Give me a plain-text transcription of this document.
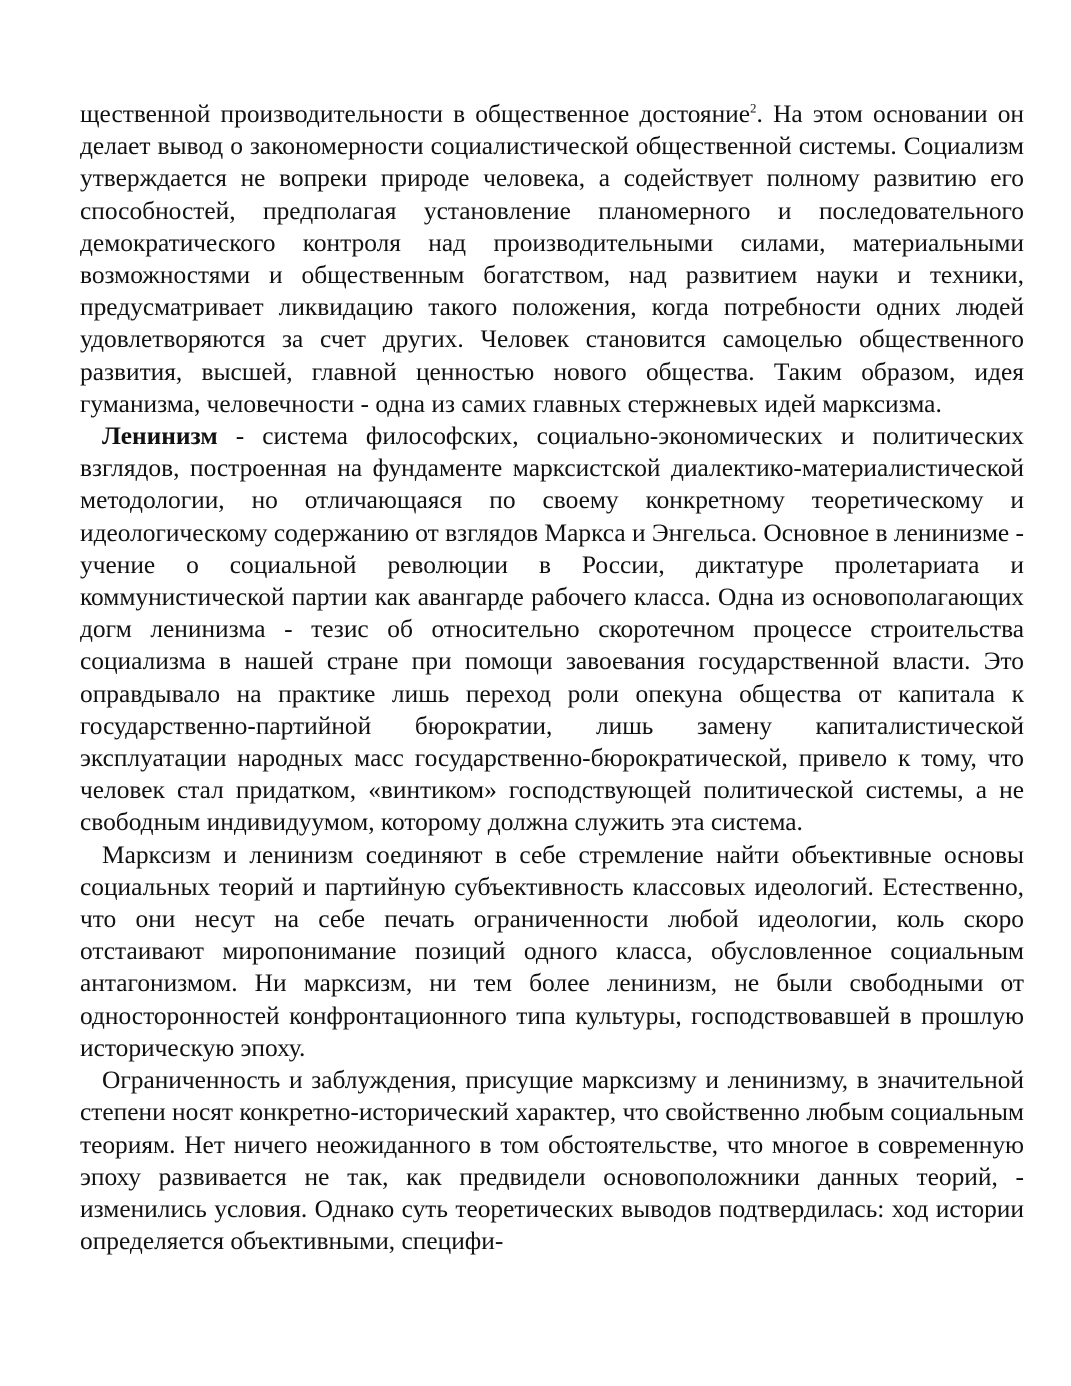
щественной производительности в общественное достояние$^2$. На этом основании он делает вывод о закономерности социалистической общественной системы. Социализм утверждается не вопреки природе человека, а содействует полному развитию его способностей, предполагая установление планомерного и последовательного демократического контроля над производительными силами, материальными возможностями и общественным богатством, над развитием науки и техники, предусматривает ликвидацию такого положения, когда потребности одних людей удовлетворяются за счет других. Человек становится самоцелью общественного развития, высшей, главной ценностью нового общества. Таким образом, идея гуманизма, человечности - одна из самих главных стержневых идей марксизма.

Ленинизм - система философских, социально-экономических и политических взглядов, построенная на фундаменте марксистской диалектико-материалистической методологии, но отличающаяся по своему конкретному теоретическому и идеологическому содержанию от взглядов Маркса и Энгельса. Основное в ленинизме - учение о социальной революции в России, диктатуре пролетариата и коммунистической партии как авангарде рабочего класса. Одна из основополагающих догм ленинизма - тезис об относительно скоротечном процессе строительства социализма в нашей стране при помощи завоевания государственной власти. Это оправдывало на практике лишь переход роли опекуна общества от капитала к государственно-партийной бюрократии, лишь замену капиталистической эксплуатации народных масс государственно-бюрократической, привело к тому, что человек стал придатком, «винтиком» господствующей политической системы, а не свободным индивидуумом, которому должна служить эта система.

Марксизм и ленинизм соединяют в себе стремление найти объективные основы социальных теорий и партийную субъективность классовых идеологий. Естественно, что они несут на себе печать ограниченности любой идеологии, коль скоро отстаивают миропонимание позиций одного класса, обусловленное социальным антагонизмом. Ни марксизм, ни тем более ленинизм, не были свободными от односторонностей конфронтационного типа культуры, господствовавшей в прошлую историческую эпоху.

Ограниченность и заблуждения, присущие марксизму и ленинизму, в значительной степени носят конкретно-исторический характер, что свойственно любым социальным теориям. Нет ничего неожиданного в том обстоятельстве, что многое в современную эпоху развивается не так, как предвидели основоположники данных теорий, - изменились условия. Однако суть теоретических выводов подтвердилась: ход истории определяется объективными, специфи-
